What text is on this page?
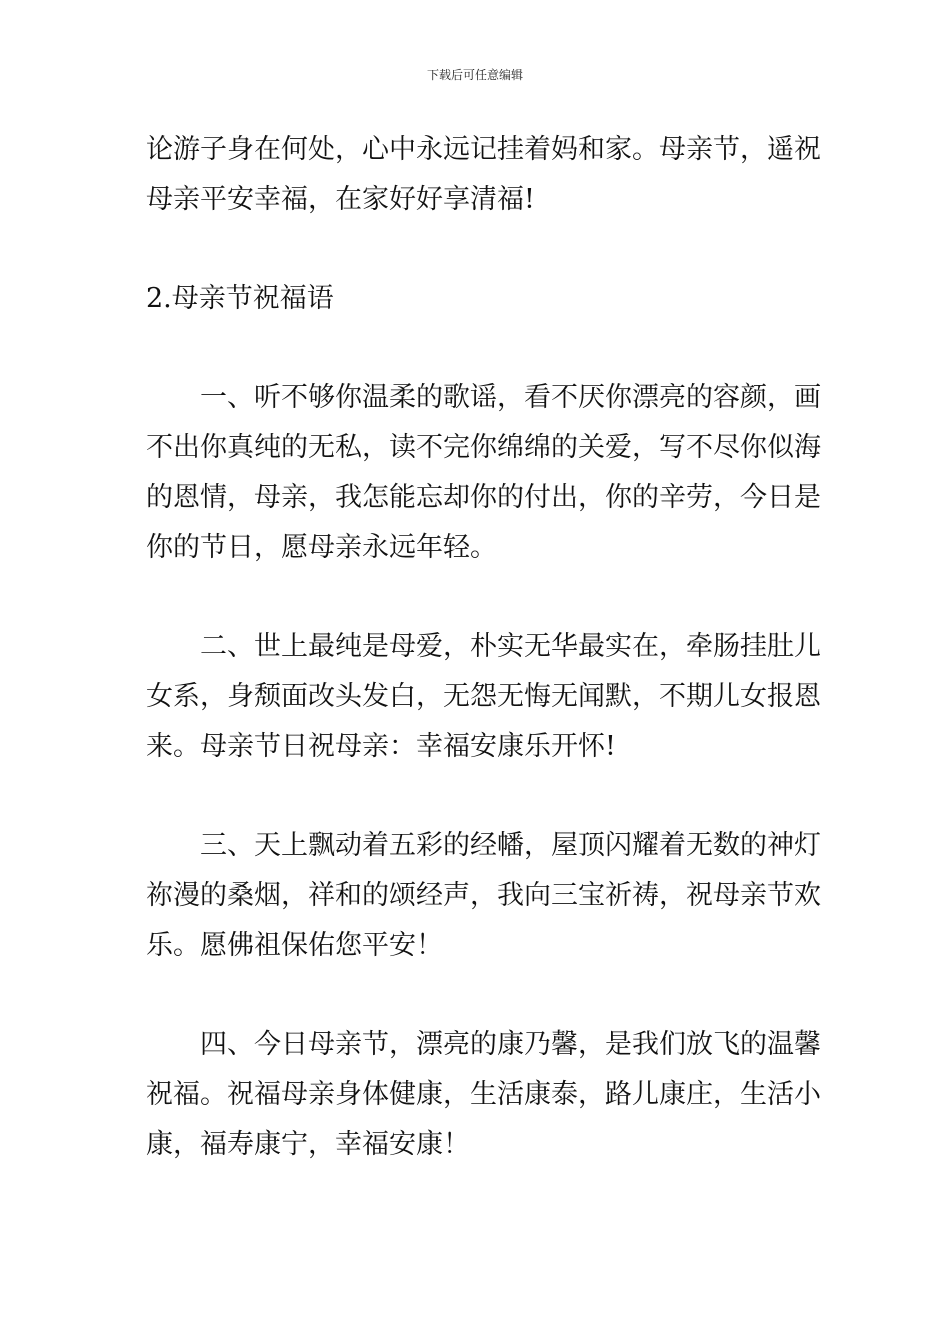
下载后可任意编辑
论游子身在何处，心中永远记挂着妈和家。母亲节，遥祝
母亲平安幸福，在家好好享清福!
2.母亲节祝福语
　　一、听不够你温柔的歌谣，看不厌你漂亮的容颜，画
不出你真纯的无私，读不完你绵绵的关爱，写不尽你似海
的恩情，母亲，我怎能忘却你的付出，你的辛劳，今日是
你的节日，愿母亲永远年轻。
　　二、世上最纯是母爱，朴实无华最实在，牵肠挂肚儿
女系，身颓面改头发白，无怨无悔无闻默，不期儿女报恩
来。母亲节日祝母亲：幸福安康乐开怀!
　　三、天上飘动着五彩的经幡，屋顶闪耀着无数的神灯
祢漫的桑烟，祥和的颂经声，我向三宝祈祷，祝母亲节欢
乐。愿佛祖保佑您平安！
　　四、今日母亲节，漂亮的康乃馨，是我们放飞的温馨
祝福。祝福母亲身体健康，生活康泰，路儿康庄，生活小
康，福寿康宁，幸福安康！
